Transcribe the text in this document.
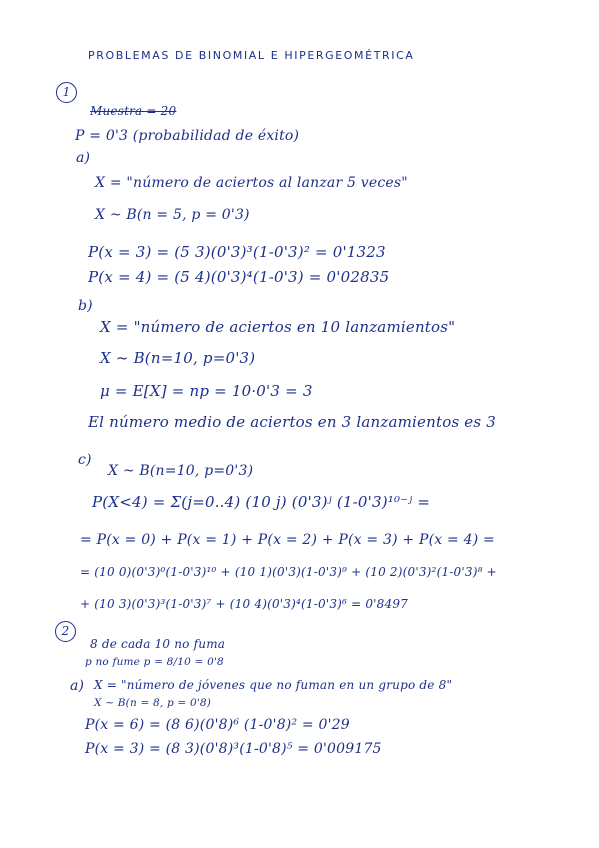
PROBLEMAS DE BINOMIAL E HIPERGEOMÉTRICA
1
Muestra = 20
P = 0'3 (probabilidad de éxito)
a)
X = "número de aciertos al lanzar 5 veces"
X ~ B(n = 5, p = 0'3)
P(x = 3) = (5 3)(0'3)³(1-0'3)² = 0'1323
P(x = 4) = (5 4)(0'3)⁴(1-0'3) = 0'02835
b)
X = "número de aciertos en 10 lanzamientos"
X ~ B(n=10, p=0'3)
μ = E[X] = np = 10·0'3 = 3
El número medio de aciertos en 3 lanzamientos es 3
c)
X ~ B(n=10, p=0'3)
P(X<4) = Σ(j=0..4) (10 j) (0'3)ʲ (1-0'3)¹⁰⁻ʲ =
= P(x = 0) + P(x = 1) + P(x = 2) + P(x = 3) + P(x = 4) =
= (10 0)(0'3)⁰(1-0'3)¹⁰ + (10 1)(0'3)(1-0'3)⁹ + (10 2)(0'3)²(1-0'3)⁸ +
+ (10 3)(0'3)³(1-0'3)⁷ + (10 4)(0'3)⁴(1-0'3)⁶ = 0'8497
2
8 de cada 10 no fuma
p no fume p = 8/10 = 0'8
a) X = "número de jóvenes que no fuman en un grupo de 8"
X ~ B(n = 8, p = 0'8)
P(x = 6) = (8 6)(0'8)⁶ (1-0'8)² = 0'29
P(x = 3) = (8 3)(0'8)³(1-0'8)⁵ = 0'009175
